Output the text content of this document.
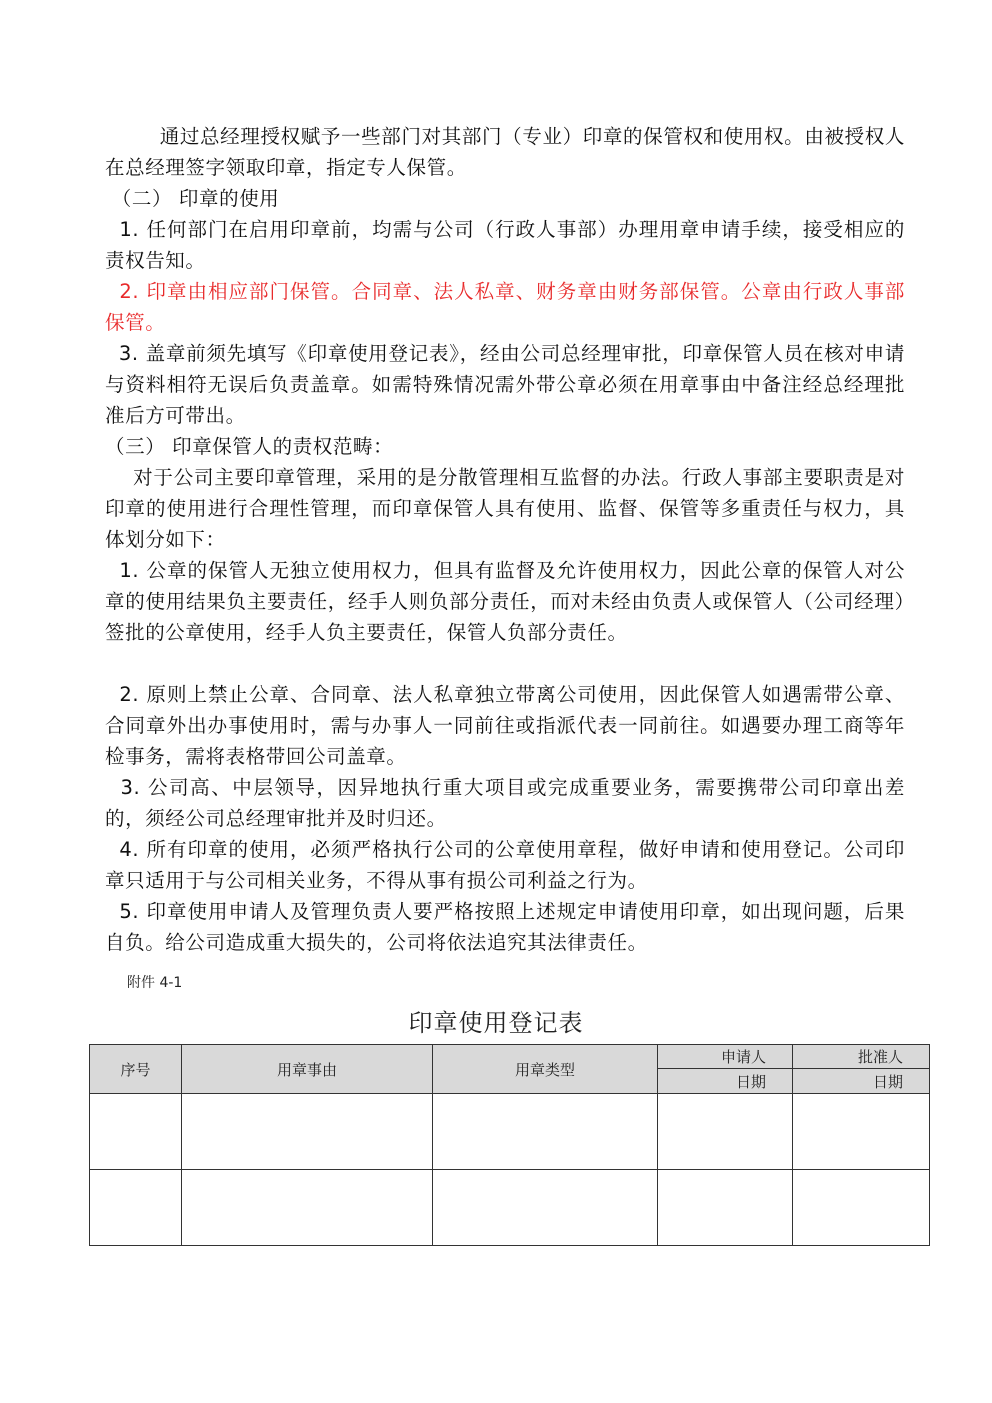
通过总经理授权赋予一些部门对其部门（专业）印章的保管权和使用权。由被授权人在总经理签字领取印章，指定专人保管。

（二） 印章的使用

1. 任何部门在启用印章前，均需与公司（行政人事部）办理用章申请手续，接受相应的责权告知。

2. 印章由相应部门保管。合同章、法人私章、财务章由财务部保管。公章由行政人事部保管。

3. 盖章前须先填写《印章使用登记表》，经由公司总经理审批，印章保管人员在核对申请与资料相符无误后负责盖章。如需特殊情况需外带公章必须在用章事由中备注经总经理批准后方可带出。

（三） 印章保管人的责权范畴：

对于公司主要印章管理，采用的是分散管理相互监督的办法。行政人事部主要职责是对印章的使用进行合理性管理，而印章保管人具有使用、监督、保管等多重责任与权力，具体划分如下：

1. 公章的保管人无独立使用权力，但具有监督及允许使用权力，因此公章的保管人对公章的使用结果负主要责任，经手人则负部分责任，而对未经由负责人或保管人（公司经理）签批的公章使用，经手人负主要责任，保管人负部分责任。

2. 原则上禁止公章、合同章、法人私章独立带离公司使用，因此保管人如遇需带公章、合同章外出办事使用时，需与办事人一同前往或指派代表一同前往。如遇要办理工商等年检事务，需将表格带回公司盖章。

3. 公司高、中层领导，因异地执行重大项目或完成重要业务，需要携带公司印章出差的，须经公司总经理审批并及时归还。

4. 所有印章的使用，必须严格执行公司的公章使用章程，做好申请和使用登记。公司印章只适用于与公司相关业务，不得从事有损公司利益之行为。

5. 印章使用申请人及管理负责人要严格按照上述规定申请使用印章，如出现问题，后果自负。给公司造成重大损失的，公司将依法追究其法律责任。

附件 4-1
印章使用登记表
序号	用章事由	用章类型	申请人	批准人
			日期	日期
